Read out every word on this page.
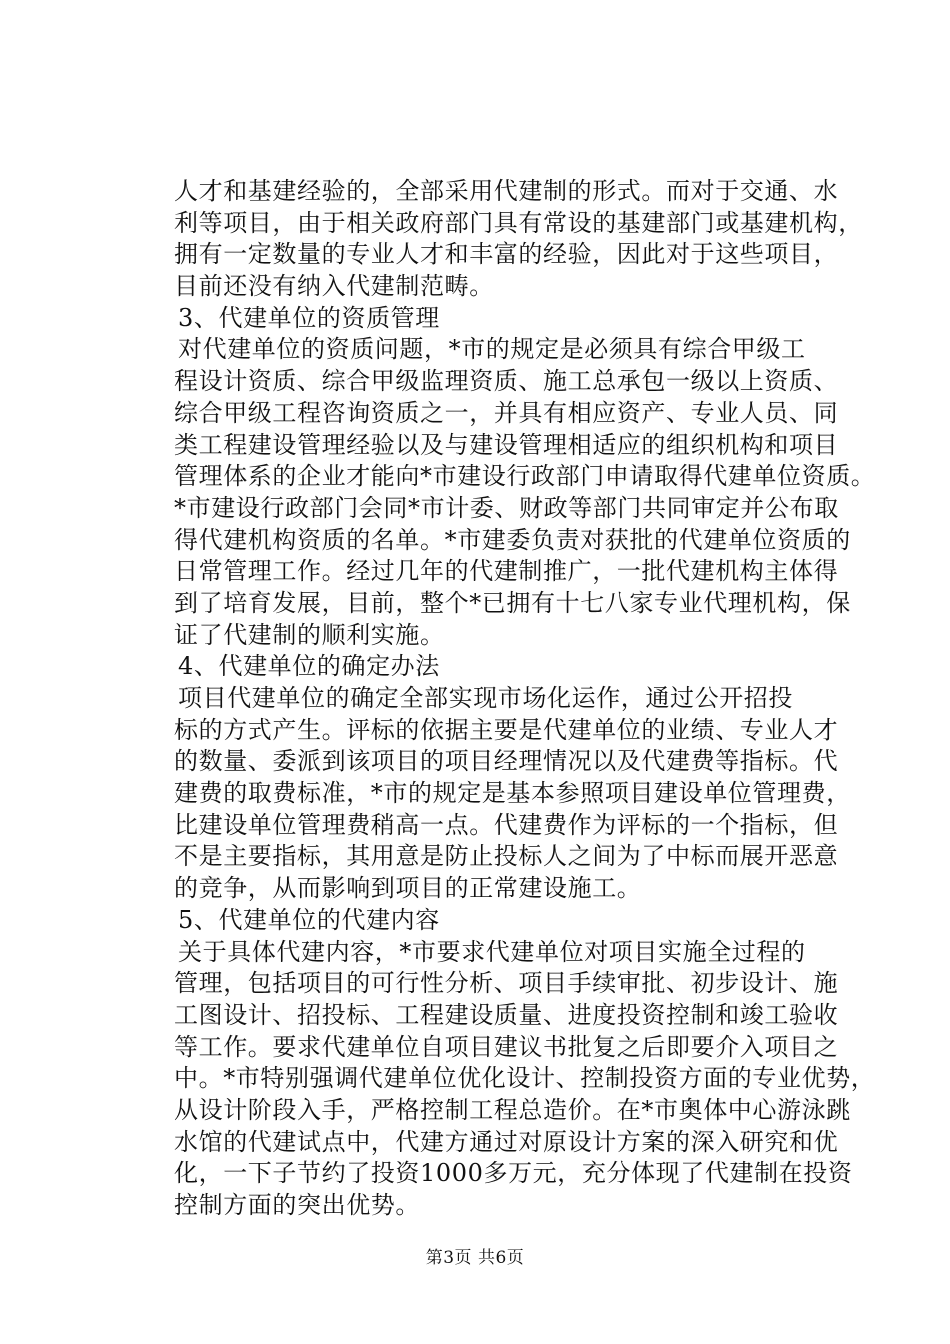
人才和基建经验的，全部采用代建制的形式。而对于交通、水
利等项目，由于相关政府部门具有常设的基建部门或基建机构，
拥有一定数量的专业人才和丰富的经验，因此对于这些项目，
目前还没有纳入代建制范畴。
3、代建单位的资质管理
对代建单位的资质问题，*市的规定是必须具有综合甲级工
程设计资质、综合甲级监理资质、施工总承包一级以上资质、
综合甲级工程咨询资质之一，并具有相应资产、专业人员、同
类工程建设管理经验以及与建设管理相适应的组织机构和项目
管理体系的企业才能向*市建设行政部门申请取得代建单位资质。
*市建设行政部门会同*市计委、财政等部门共同审定并公布取
得代建机构资质的名单。*市建委负责对获批的代建单位资质的
日常管理工作。经过几年的代建制推广，一批代建机构主体得
到了培育发展，目前，整个*已拥有十七八家专业代理机构，保
证了代建制的顺利实施。
4、代建单位的确定办法
项目代建单位的确定全部实现市场化运作，通过公开招投
标的方式产生。评标的依据主要是代建单位的业绩、专业人才
的数量、委派到该项目的项目经理情况以及代建费等指标。代
建费的取费标准，*市的规定是基本参照项目建设单位管理费，
比建设单位管理费稍高一点。代建费作为评标的一个指标，但
不是主要指标，其用意是防止投标人之间为了中标而展开恶意
的竞争，从而影响到项目的正常建设施工。
5、代建单位的代建内容
关于具体代建内容，*市要求代建单位对项目实施全过程的
管理，包括项目的可行性分析、项目手续审批、初步设计、施
工图设计、招投标、工程建设质量、进度投资控制和竣工验收
等工作。要求代建单位自项目建议书批复之后即要介入项目之
中。*市特别强调代建单位优化设计、控制投资方面的专业优势，
从设计阶段入手，严格控制工程总造价。在*市奥体中心游泳跳
水馆的代建试点中，代建方通过对原设计方案的深入研究和优
化，一下子节约了投资1000多万元，充分体现了代建制在投资
控制方面的突出优势。
第3页 共6页
